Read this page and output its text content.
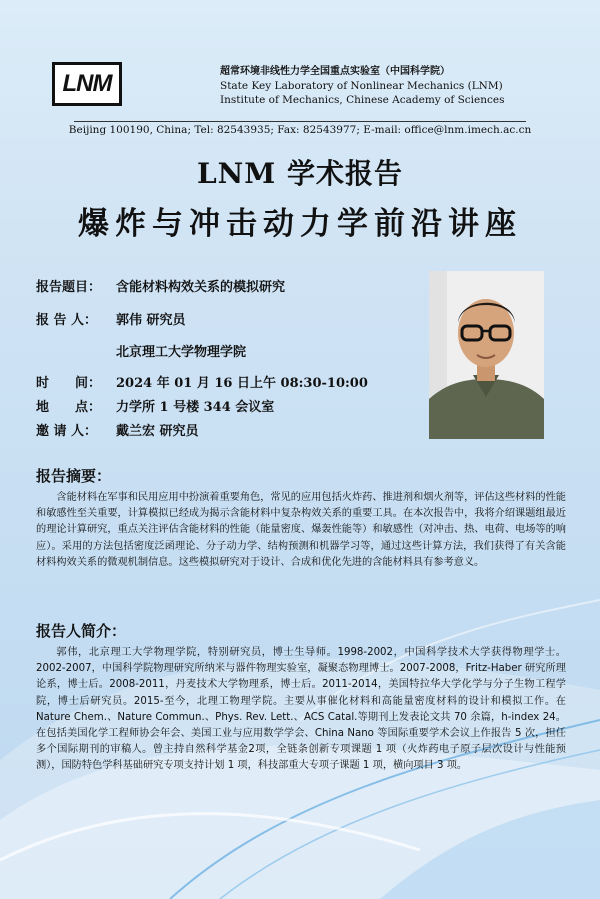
LNM	超常环境非线性力学全国重点实验室（中国科学院）
State Key Laboratory of Nonlinear Mechanics (LNM)
Institute of Mechanics, Chinese Academy of Sciences
Beijing 100190, China; Tel: 82543935; Fax: 82543977; E-mail: office@lnm.imech.ac.cn
LNM 学术报告
爆炸与冲击动力学前沿讲座
报告题目： 含能材料构效关系的模拟研究
报 告 人： 郭伟 研究员
北京理工大学物理学院
时　　间： 2024 年 01 月 16 日上午 08:30-10:00
地　　点： 力学所 1 号楼 344 会议室
邀 请 人： 戴兰宏 研究员
报告摘要：

含能材料在军事和民用应用中扮演着重要角色，常见的应用包括火炸药、推进剂和烟火剂等，评估这些材料的性能和敏感性至关重要，计算模拟已经成为揭示含能材料中复杂构效关系的重要工具。在本次报告中，我将介绍课题组最近的理论计算研究，重点关注评估含能材料的性能（能量密度、爆轰性能等）和敏感性（对冲击、热、电荷、电场等的响应）。采用的方法包括密度泛函理论、分子动力学、结构预测和机器学习等，通过这些计算方法，我们获得了有关含能材料构效关系的微观机制信息。这些模拟研究对于设计、合成和优化先进的含能材料具有参考意义。

报告人简介：

郭伟，北京理工大学物理学院，特别研究员，博士生导师。1998-2002，中国科学技术大学获得物理学士。2002-2007，中国科学院物理研究所纳米与器件物理实验室，凝聚态物理博士。2007-2008，Fritz-Haber 研究所理论系，博士后。2008-2011，丹麦技术大学物理系，博士后。2011-2014，美国特拉华大学化学与分子生物工程学院，博士后研究员。2015-至今，北理工物理学院。主要从事催化材料和高能量密度材料的设计和模拟工作。在Nature Chem.、Nature Commun.、Phys. Rev. Lett.、ACS Catal.等期刊上发表论文共 70 余篇，h-index 24。在包括美国化学工程师协会年会、美国工业与应用数学学会、China Nano 等国际重要学术会议上作报告 5 次，担任多个国际期刊的审稿人。曾主持自然科学基金2项，全链条创新专项课题 1 项（火炸药电子原子层次设计与性能预测），国防特色学科基础研究专项支持计划 1 项，科技部重大专项子课题 1 项，横向项目 3 项。
